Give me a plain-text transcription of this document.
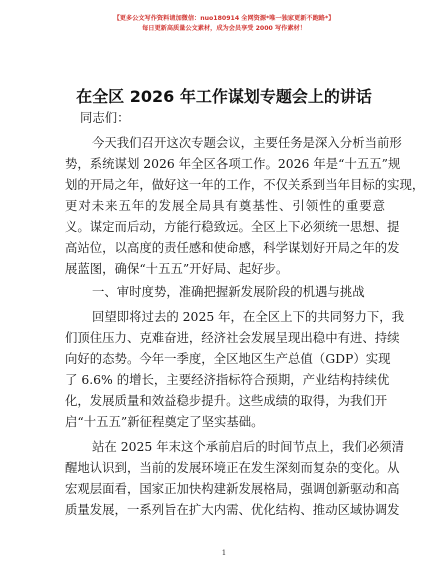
【更多公文写作资料请加微信：nuo180914 全网资源*唯一独家更新不跑路*】
每日更新高质量公文素材，成为会员享受 2000 写作素材！
在全区 2026 年工作谋划专题会上的讲话
同志们：
今天我们召开这次专题会议，主要任务是深入分析当前形
势，系统谋划 2026 年全区各项工作。2026 年是“十五五”规
划的开局之年，做好这一年的工作，不仅关系到当年目标的实现，
更对未来五年的发展全局具有奠基性、引领性的重要意
义。谋定而后动，方能行稳致远。全区上下必须统一思想、提
高站位，以高度的责任感和使命感，科学谋划好开局之年的发
展蓝图，确保“十五五”开好局、起好步。
一、审时度势，准确把握新发展阶段的机遇与挑战
回望即将过去的 2025 年，在全区上下的共同努力下，我
们顶住压力、克难奋进，经济社会发展呈现出稳中有进、持续
向好的态势。今年一季度，全区地区生产总值（GDP）实现
了 6.6% 的增长，主要经济指标符合预期，产业结构持续优
化，发展质量和效益稳步提升。这些成绩的取得，为我们开
启“十五五”新征程奠定了坚实基础。
站在 2025 年末这个承前启后的时间节点上，我们必须清
醒地认识到，当前的发展环境正在发生深刻而复杂的变化。从
宏观层面看，国家正加快构建新发展格局，强调创新驱动和高
质量发展，一系列旨在扩大内需、优化结构、推动区域协调发
1
